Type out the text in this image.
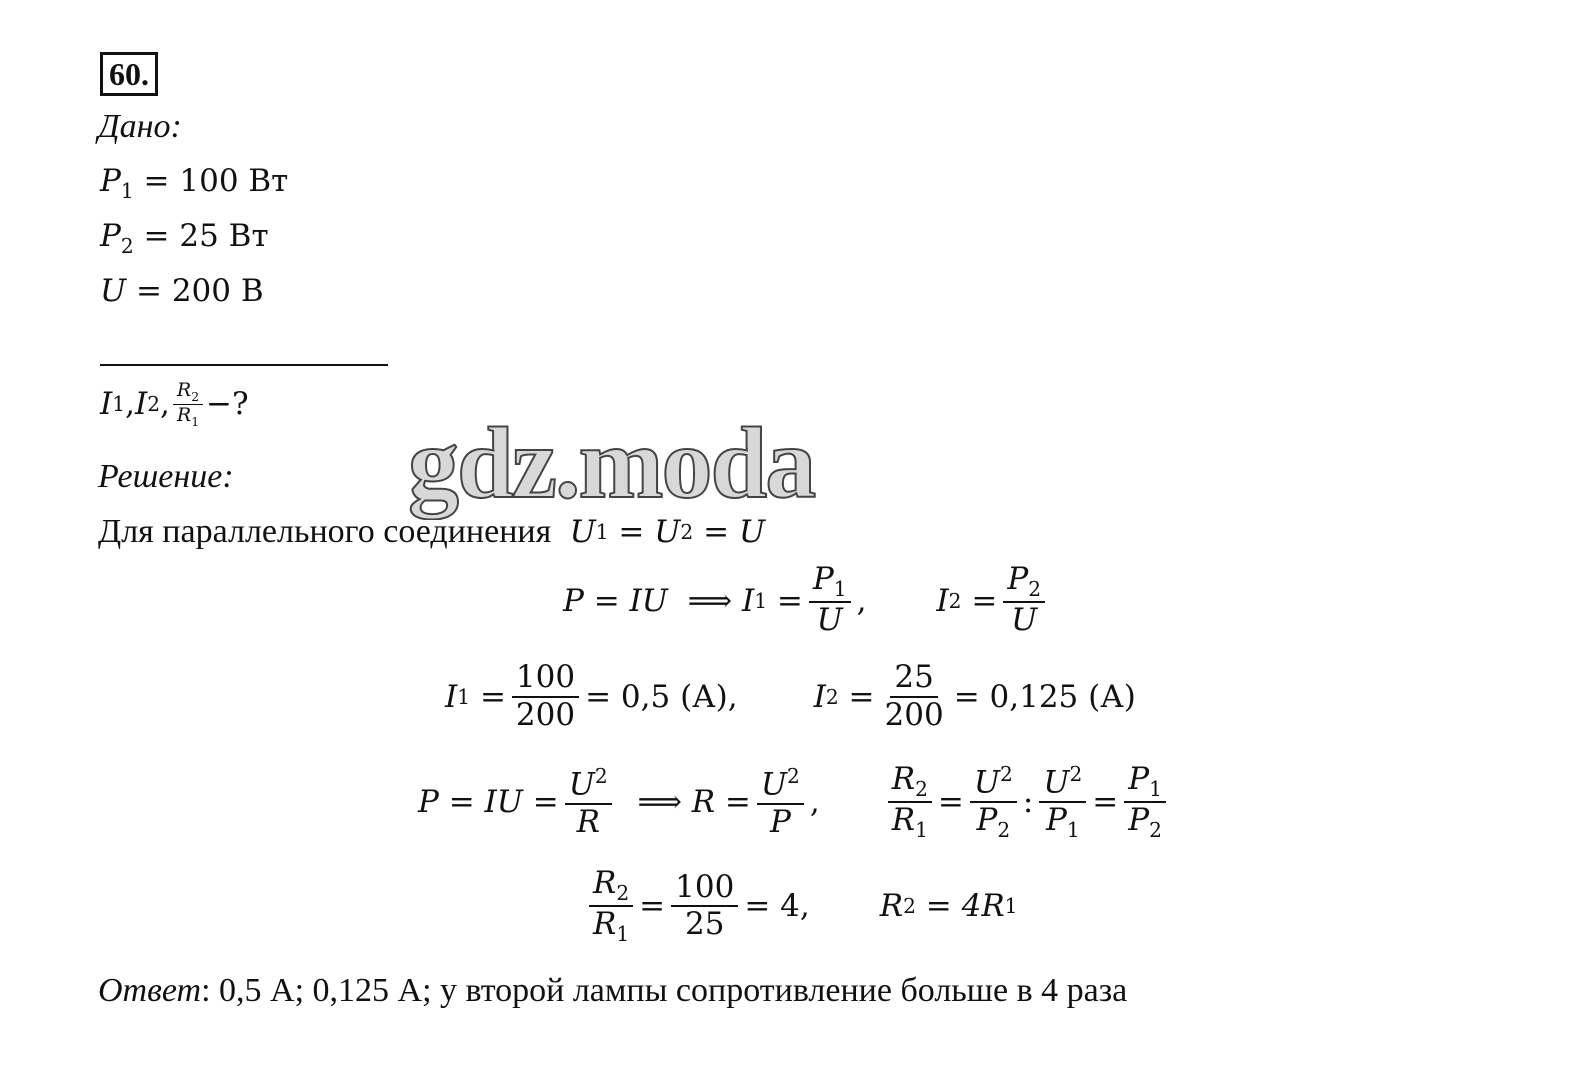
60.
Дано:
$P_1 = 100$ Вт
$P_2 = 25$ Вт
U = 200 В
I 1 , I 2 , $\frac{R_2}{R_1}$ −?
Решение:
Для параллельного соединения U 1
=
U 2
=
U
gdz.moda
P = IU
⟹
I 1
= $\frac{P_1}{U}$ , I 2
= $\frac{P_2}{U}$
I 1
= $\frac{100}{200} = 0,5$ (А), I 2
= $\frac{25}{200} = 0,125$ (А)
P = IU = $\frac{U^2}{R}$
⟹ $R = \frac{U^2}{P}$ , $\frac{R_2}{R_1} = \frac{U^2}{P_2}$ : $\frac{U^2}{P_1} = \frac{P_1}{P_2}$
$\frac{R_2}{R_1} = \frac{100}{25} = 4$, R 2
= 4R 1
Ответ: 0,5 А; 0,125 А; у второй лампы сопротивление больше в 4 раза
